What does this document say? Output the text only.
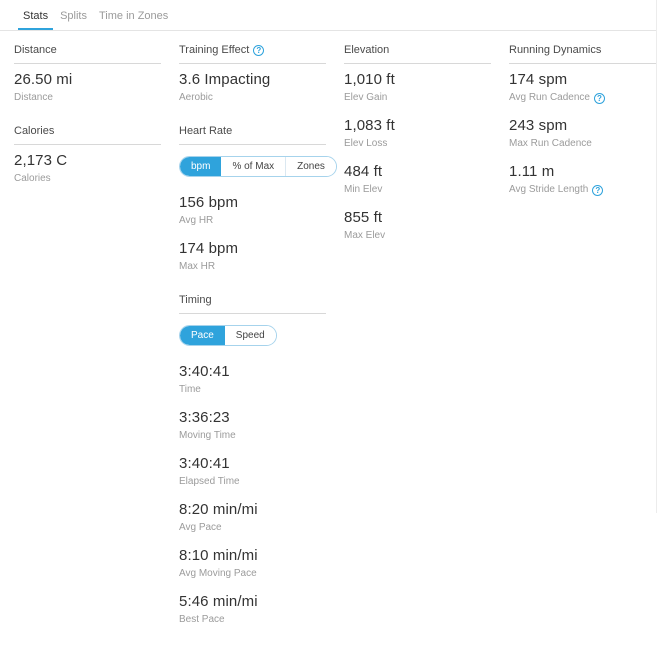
Stats	Splits	Time in Zones
Distance
26.50 mi
Distance
Calories
2,173 C
Calories
Training Effect ?
3.6 Impacting
Aerobic
Heart Rate
bpm	% of Max	Zones
156 bpm
Avg HR
174 bpm
Max HR
Timing
Pace	Speed
3:40:41
Time
3:36:23
Moving Time
3:40:41
Elapsed Time
8:20 min/mi
Avg Pace
8:10 min/mi
Avg Moving Pace
5:46 min/mi
Best Pace
Elevation
1,010 ft
Elev Gain
1,083 ft
Elev Loss
484 ft
Min Elev
855 ft
Max Elev
Running Dynamics
174 spm
Avg Run Cadence ?
243 spm
Max Run Cadence
1.11 m
Avg Stride Length ?
